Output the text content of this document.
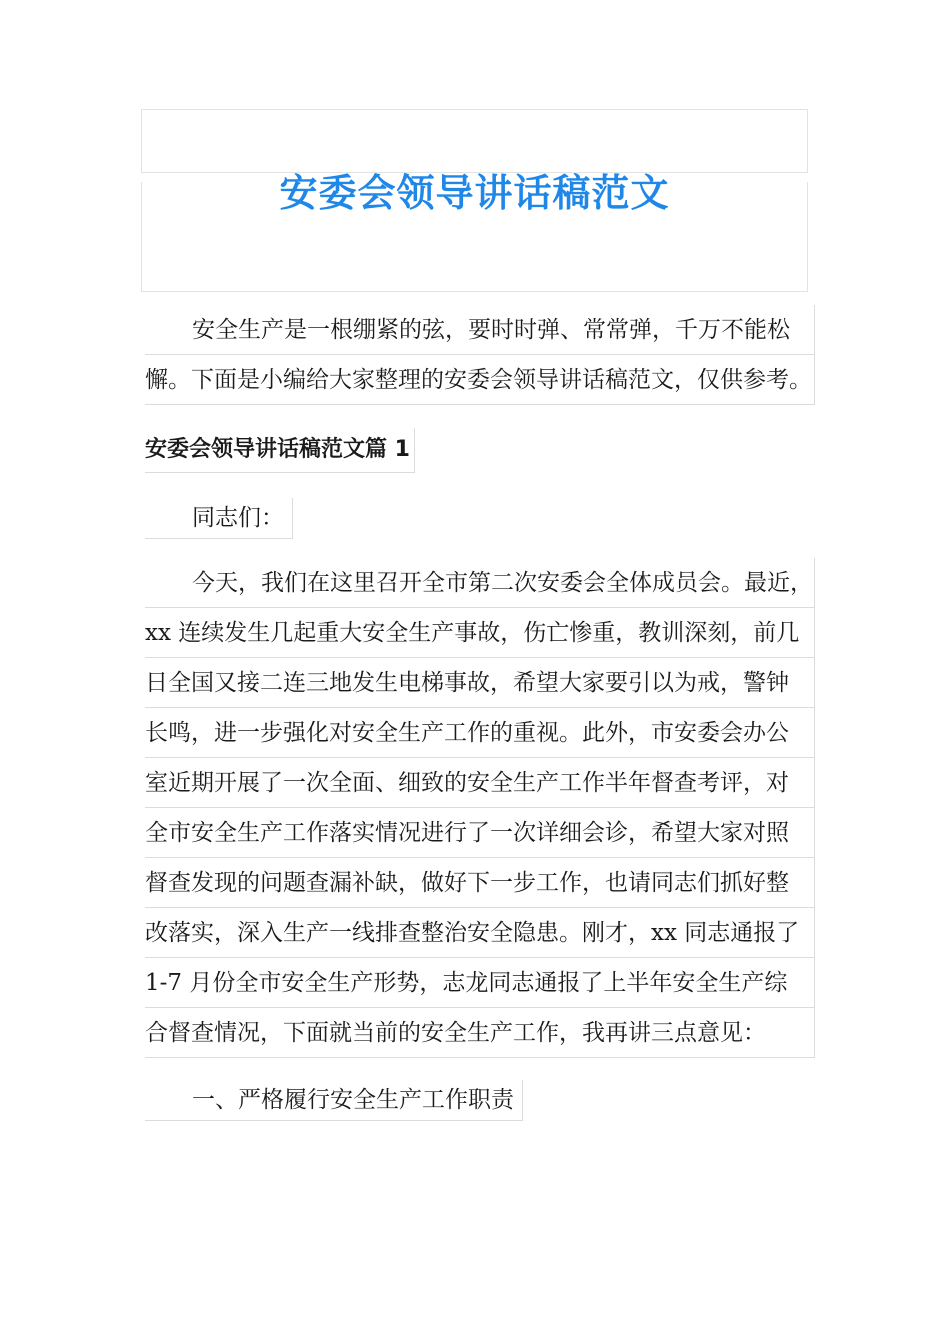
安委会领导讲话稿范文
安全生产是一根绷紧的弦，要时时弹、常常弹，千万不能松
懈。下面是小编给大家整理的安委会领导讲话稿范文，仅供参考。
安委会领导讲话稿范文篇 1
同志们：
今天，我们在这里召开全市第二次安委会全体成员会。最近，
xx 连续发生几起重大安全生产事故，伤亡惨重，教训深刻，前几
日全国又接二连三地发生电梯事故，希望大家要引以为戒，警钟
长鸣，进一步强化对安全生产工作的重视。此外，市安委会办公
室近期开展了一次全面、细致的安全生产工作半年督查考评，对
全市安全生产工作落实情况进行了一次详细会诊，希望大家对照
督查发现的问题查漏补缺，做好下一步工作，也请同志们抓好整
改落实，深入生产一线排查整治安全隐患。刚才，xx 同志通报了
1-7 月份全市安全生产形势，志龙同志通报了上半年安全生产综
合督查情况，下面就当前的安全生产工作，我再讲三点意见：
一、严格履行安全生产工作职责
